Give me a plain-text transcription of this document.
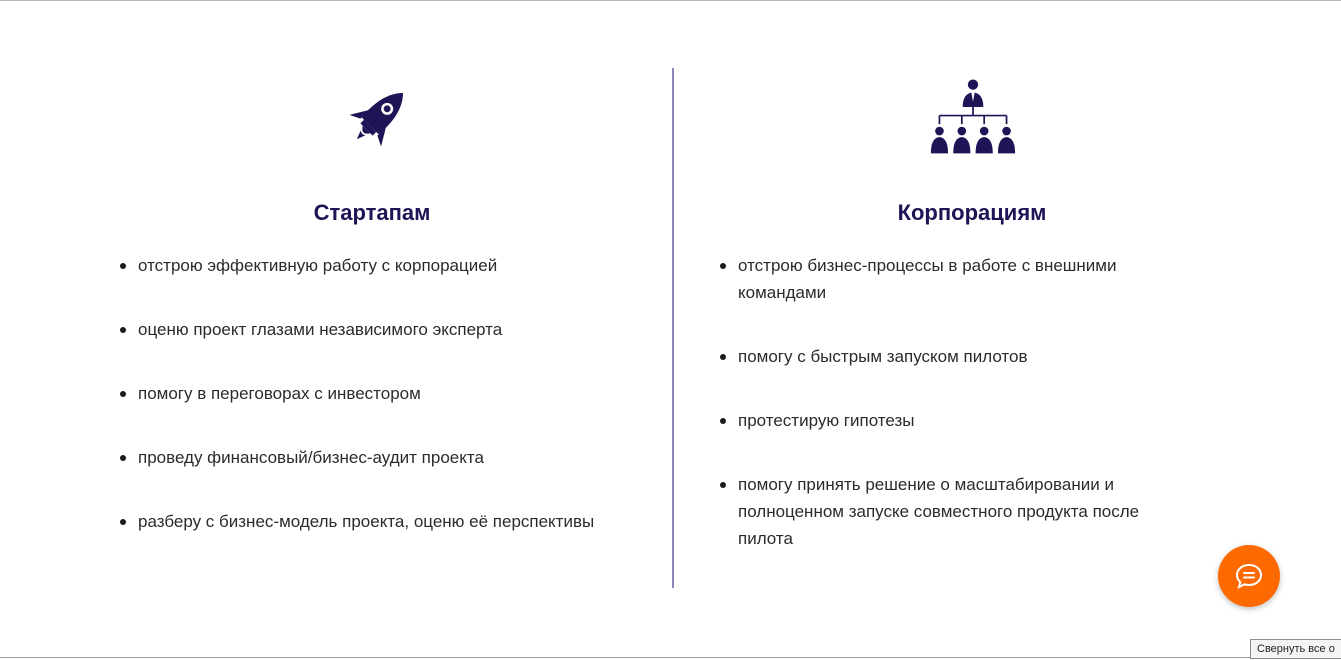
Стартапам
отстрою эффективную работу с корпорацией
оценю проект глазами независимого эксперта
помогу в переговорах с инвестором
проведу финансовый/бизнес-аудит проекта
разберу с бизнес-модель проекта, оценю её перспективы
Корпорациям
отстрою бизнес-процессы в работе с внешними командами
помогу с быстрым запуском пилотов
протестирую гипотезы
помогу принять решение о масштабировании и полноценном запуске совместного продукта после пилота
Свернуть все о
